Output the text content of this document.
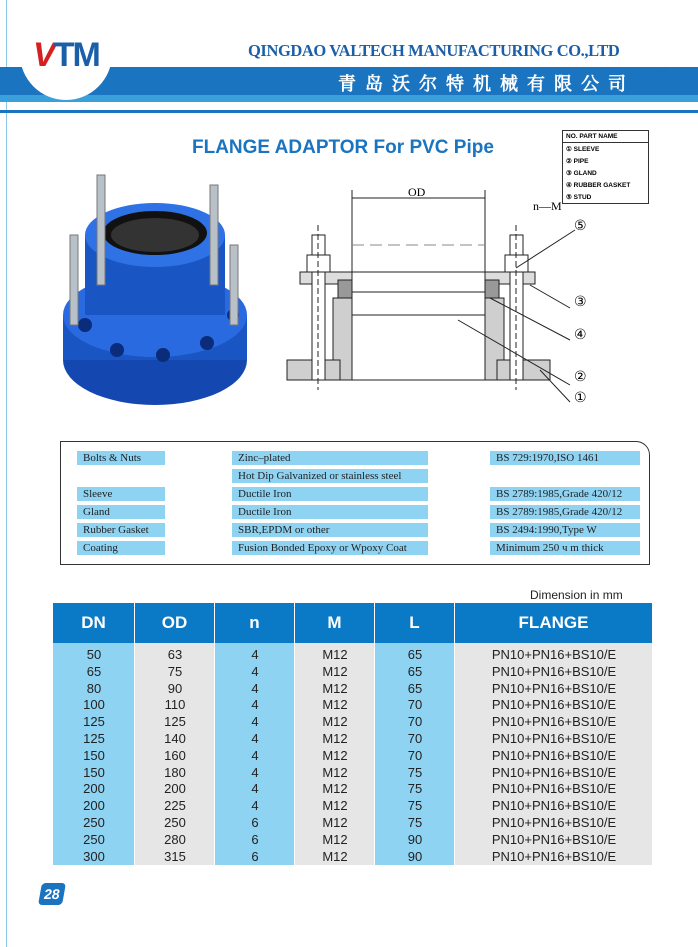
VTM	QINGDAO VALTECH MANUFACTURING CO.,LTD
青岛沃尔特机械有限公司
↙
FLANGE ADAPTOR For PVC Pipe
OD
n—M
⑤
③
④
②
①
NO. PART NAME
① SLEEVE
② PIPE
③ GLAND
④ RUBBER GASKET
⑤ STUD
Bolts & Nuts	Zinc–plated	BS 729:1970,ISO 1461
Hot Dip Galvanized or stainless steel
Sleeve	Ductile Iron	BS 2789:1985,Grade 420/12
Gland	Ductile Iron	BS 2789:1985,Grade 420/12
Rubber Gasket	SBR,EPDM or other	BS 2494:1990,Type W
Coating	Fusion Bonded Epoxy or Wpoxy Coat	Minimum 250 ч m thick
Dimension in mm
DN	OD	n	M	L	FLANGE
50	63	4	M12	65	PN10+PN16+BS10/E
65	75	4	M12	65	PN10+PN16+BS10/E
80	90	4	M12	65	PN10+PN16+BS10/E
100	110	4	M12	70	PN10+PN16+BS10/E
125	125	4	M12	70	PN10+PN16+BS10/E
125	140	4	M12	70	PN10+PN16+BS10/E
150	160	4	M12	70	PN10+PN16+BS10/E
150	180	4	M12	75	PN10+PN16+BS10/E
200	200	4	M12	75	PN10+PN16+BS10/E
200	225	4	M12	75	PN10+PN16+BS10/E
250	250	6	M12	75	PN10+PN16+BS10/E
250	280	6	M12	90	PN10+PN16+BS10/E
300	315	6	M12	90	PN10+PN16+BS10/E
28
